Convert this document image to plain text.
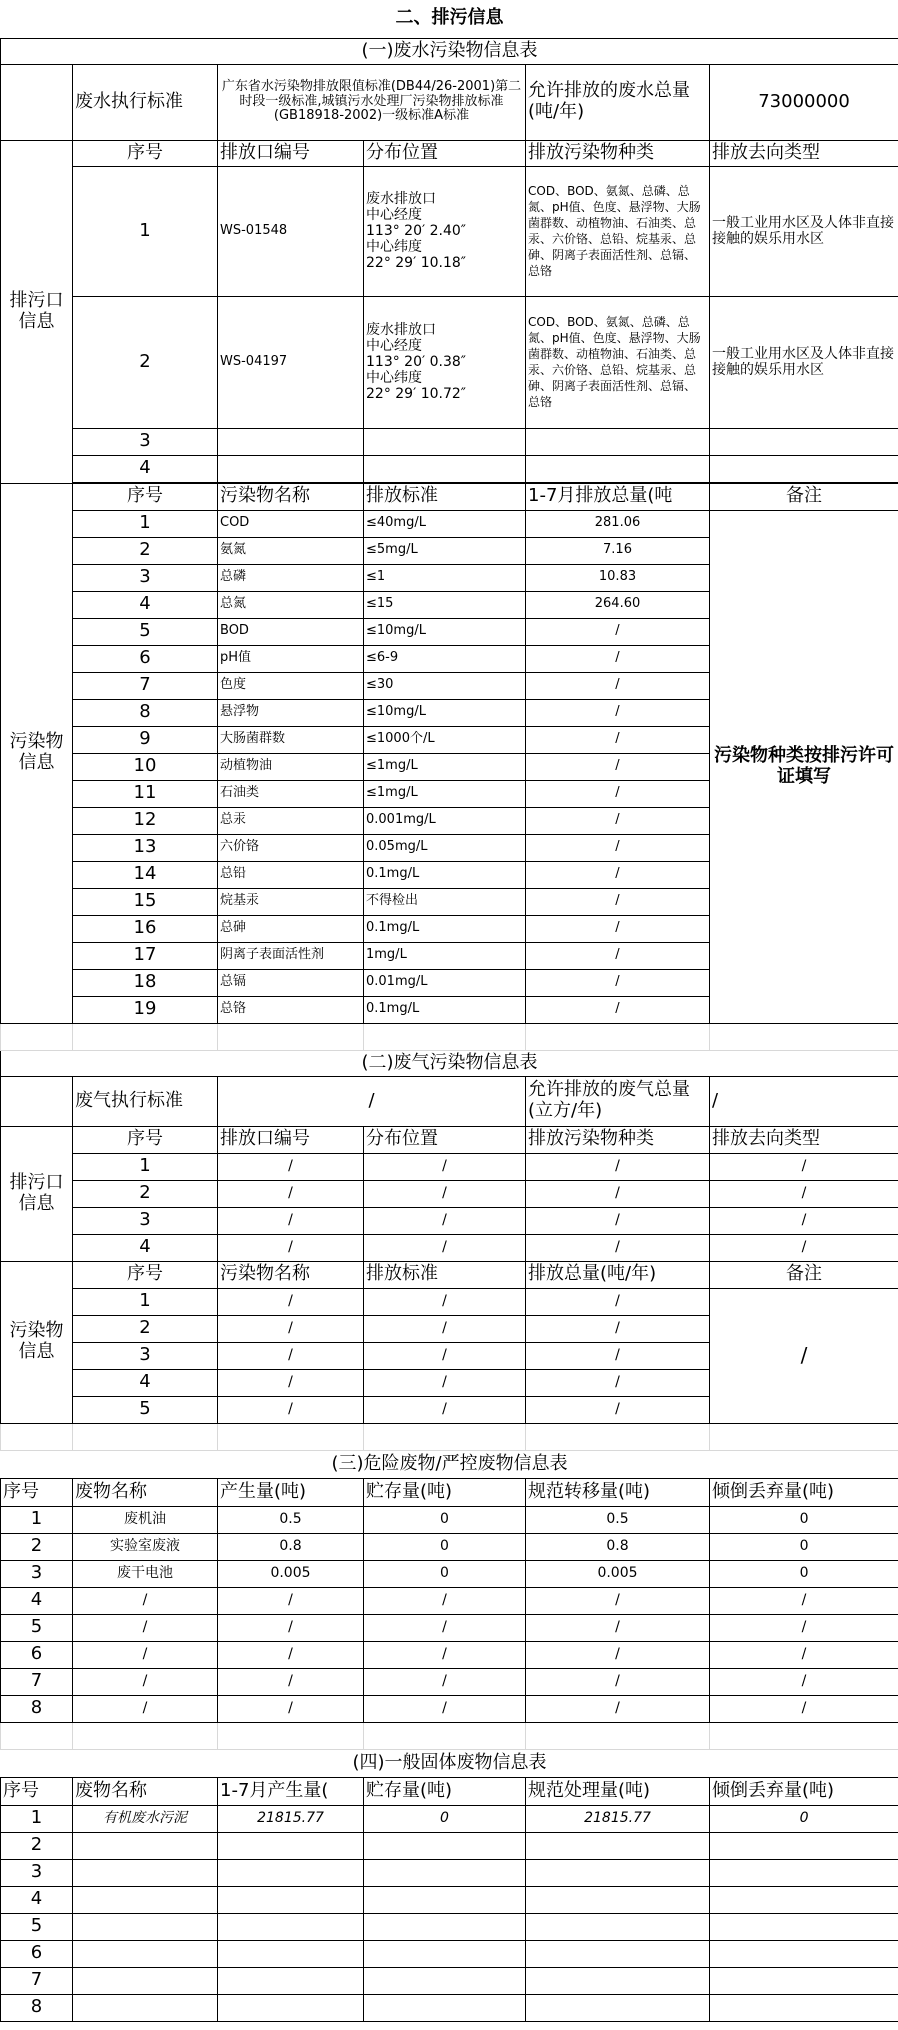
二、排污信息					
(一)废水污染物信息表					
	废水执行标准	广东省水污染物排放限值标准(DB44/26-2001)第二时段一级标准,城镇污水处理厂污染物排放标准(GB18918-2002)一级标准A标准		允许排放的废水总量(吨/年)	73000000
排污口信息	序号	排放口编号	分布位置	排放污染物种类	排放去向类型
	1	WS-01548	废水排放口
中心经度
113° 20′ 2.40″
中心纬度
22° 29′ 10.18″	COD、BOD、氨氮、总磷、总氮、pH值、色度、悬浮物、大肠菌群数、动植物油、石油类、总汞、六价铬、总铅、烷基汞、总砷、阴离子表面活性剂、总镉、总铬	一般工业用水区及人体非直接接触的娱乐用水区
	2	WS-04197	废水排放口
中心经度
113° 20′ 0.38″
中心纬度
22° 29′ 10.72″	COD、BOD、氨氮、总磷、总氮、pH值、色度、悬浮物、大肠菌群数、动植物油、石油类、总汞、六价铬、总铅、烷基汞、总砷、阴离子表面活性剂、总镉、总铬	一般工业用水区及人体非直接接触的娱乐用水区
	3				
	4				

污染物信息	序号	污染物名称	排放标准	1-7月排放总量(吨	备注
	1	COD	≤40mg/L	281.06	污染物种类按排污许可证填写
	2	氨氮	≤5mg/L	7.16	
	3	总磷	≤1	10.83	
	4	总氮	≤15	264.60	
	5	BOD	≤10mg/L	/	
	6	pH值	≤6-9	/	
	7	色度	≤30	/	
	8	悬浮物	≤10mg/L	/	
	9	大肠菌群数	≤1000个/L	/	
	10	动植物油	≤1mg/L	/	
	11	石油类	≤1mg/L	/	
	12	总汞	0.001mg/L	/	
	13	六价铬	0.05mg/L	/	
	14	总铅	0.1mg/L	/	
	15	烷基汞	不得检出	/	
	16	总砷	0.1mg/L	/	
	17	阴离子表面活性剂	1mg/L	/	
	18	总镉	0.01mg/L	/	
	19	总铬	0.1mg/L	/	

(二)废气污染物信息表					
	废气执行标准	/		允许排放的废气总量(立方/年)	/
排污口信息	序号	排放口编号	分布位置	排放污染物种类	排放去向类型
	1	/	/	/	/
	2	/	/	/	/
	3	/	/	/	/
	4	/	/	/	/
污染物信息	序号	污染物名称	排放标准	排放总量(吨/年)	备注
	1	/	/	/	/
	2	/	/	/	
	3	/	/	/	
	4	/	/	/	
	5	/	/	/	

(三)危险废物/严控废物信息表					
序号	废物名称	产生量(吨)	贮存量(吨)	规范转移量(吨)	倾倒丢弃量(吨)
1	废机油	0.5	0	0.5	0
2	实验室废液	0.8	0	0.8	0
3	废干电池	0.005	0	0.005	0
4	/	/	/	/	/
5	/	/	/	/	/
6	/	/	/	/	/
7	/	/	/	/	/
8	/	/	/	/	/

(四)一般固体废物信息表					
序号	废物名称	1-7月产生量(	贮存量(吨)	规范处理量(吨)	倾倒丢弃量(吨)
1	有机废水污泥	21815.77	0	21815.77	0
2					
3					
4					
5					
6					
7					
8					
